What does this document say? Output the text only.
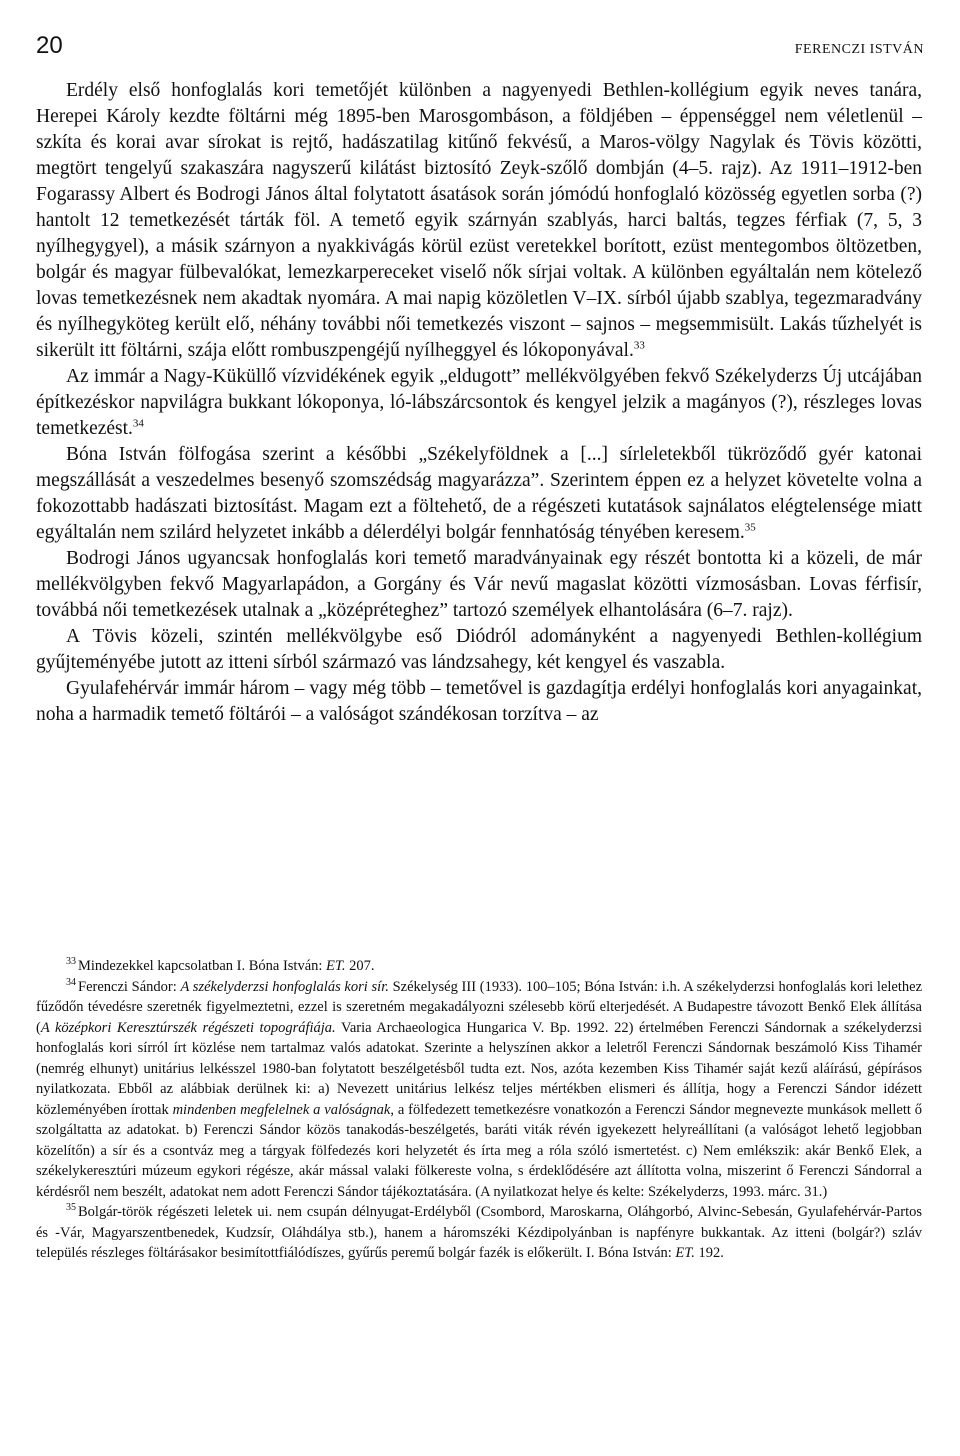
20	FERENCZI ISTVÁN

Erdély első honfoglalás kori temetőjét különben a nagyenyedi Bethlen-kollégium egyik neves tanára, Herepei Károly kezdte föltárni még 1895-ben Marosgombáson, a földjében – éppenséggel nem véletlenül – szkíta és korai avar sírokat is rejtő, hadászatilag kitűnő fekvésű, a Maros-völgy Nagylak és Tövis közötti, megtört tengelyű szakaszára nagyszerű kilátást biztosító Zeyk-szőlő dombján (4–5. rajz). Az 1911–1912-ben Fogarassy Albert és Bodrogi János által folytatott ásatások során jómódú honfoglaló közösség egyetlen sorba (?) hantolt 12 temetkezését tárták föl. A temető egyik szárnyán szablyás, harci baltás, tegzes férfiak (7, 5, 3 nyílhegygyel), a másik szárnyon a nyakkivágás körül ezüst veretekkel borított, ezüst mentegombos öltözetben, bolgár és magyar fülbevalókat, lemezkarpereceket viselő nők sírjai voltak. A különben egyáltalán nem kötelező lovas temetkezésnek nem akadtak nyomára. A mai napig közöletlen V–IX. sírból újabb szablya, tegezmaradvány és nyílhegyköteg került elő, néhány további női temetkezés viszont – sajnos – megsemmisült. Lakás tűzhelyét is sikerült itt föltárni, szája előtt rombuszpengéjű nyílheggyel és lókoponyával.$^{33}$

Az immár a Nagy-Küküllő vízvidékének egyik „eldugott” mellékvölgyében fekvő Székelyderzs Új utcájában építkezéskor napvilágra bukkant lókoponya, ló-lábszárcsontok és kengyel jelzik a magányos (?), részleges lovas temetkezést.$^{34}$

Bóna István fölfogása szerint a későbbi „Székelyföldnek a [...] sírleletekből tükröződő gyér katonai megszállását a veszedelmes besenyő szomszédság magyarázza”. Szerintem éppen ez a helyzet követelte volna a fokozottabb hadászati biztosítást. Magam ezt a föltehető, de a régészeti kutatások sajnálatos elégtelensége miatt egyáltalán nem szilárd helyzetet inkább a délerdélyi bolgár fennhatóság tényében keresem.$^{35}$

Bodrogi János ugyancsak honfoglalás kori temető maradványainak egy részét bontotta ki a közeli, de már mellékvölgyben fekvő Magyarlapádon, a Gorgány és Vár nevű magaslat közötti vízmosásban. Lovas férfisír, továbbá női temetkezések utalnak a „középréteghez” tartozó személyek elhantolására (6–7. rajz).

A Tövis közeli, szintén mellékvölgybe eső Diódról adományként a nagyenyedi Bethlen-kollégium gyűjteményébe jutott az itteni sírból származó vas lándzsahegy, két kengyel és vaszabla.

Gyulafehérvár immár három – vagy még több – temetővel is gazdagítja erdélyi honfoglalás kori anyagainkat, noha a harmadik temető föltárói – a valóságot szándékosan torzítva – az

$^{33}$ Mindezekkel kapcsolatban I. Bóna István: ET. 207.

$^{34}$ Ferenczi Sándor: A székelyderzsi honfoglalás kori sír. Székelység III (1933). 100–105; Bóna István: i.h. A székelyderzsi honfoglalás kori lelethez fűződőn tévedésre szeretnék figyelmeztetni, ezzel is szeretném megakadályozni szélesebb körű elterjedését. A Budapestre távozott Benkő Elek állítása (A középkori Keresztúrszék régészeti topográfiája. Varia Archaeologica Hungarica V. Bp. 1992. 22) értelmében Ferenczi Sándornak a székelyderzsi honfoglalás kori sírról írt közlése nem tartalmaz valós adatokat. Szerinte a helyszínen akkor a leletről Ferenczi Sándornak beszámoló Kiss Tihamér (nemrég elhunyt) unitárius lelkésszel 1980-ban folytatott beszélgetésből tudta ezt. Nos, azóta kezemben Kiss Tihamér saját kezű aláírású, gépírásos nyilatkozata. Ebből az alábbiak derülnek ki: a) Nevezett unitárius lelkész teljes mértékben elismeri és állítja, hogy a Ferenczi Sándor idézett közleményében írottak mindenben megfelelnek a valóságnak, a fölfedezett temetkezésre vonatkozón a Ferenczi Sándor megnevezte munkások mellett ő szolgáltatta az adatokat. b) Ferenczi Sándor közös tanakodás-beszélgetés, baráti viták révén igyekezett helyreállítani (a valóságot lehető legjobban közelítőn) a sír és a csontváz meg a tárgyak fölfedezés kori helyzetét és írta meg a róla szóló ismertetést. c) Nem emlékszik: akár Benkő Elek, a székelykeresztúri múzeum egykori régésze, akár mással valaki fölkereste volna, s érdeklődésére azt állította volna, miszerint ő Ferenczi Sándorral a kérdésről nem beszélt, adatokat nem adott Ferenczi Sándor tájékoztatására. (A nyilatkozat helye és kelte: Székelyderzs, 1993. márc. 31.)

$^{35}$ Bolgár-török régészeti leletek ui. nem csupán délnyugat-Erdélyből (Csombord, Maroskarna, Oláhgorbó, Alvinc-Sebesán, Gyulafehérvár-Partos és -Vár, Magyarszentbenedek, Kudzsír, Oláhdálya stb.), hanem a háromszéki Kézdipolyánban is napfényre bukkantak. Az itteni (bolgár?) szláv település részleges föltárásakor besimítottfiálódíszes, gyűrűs peremű bolgár fazék is előkerült. I. Bóna István: ET. 192.
